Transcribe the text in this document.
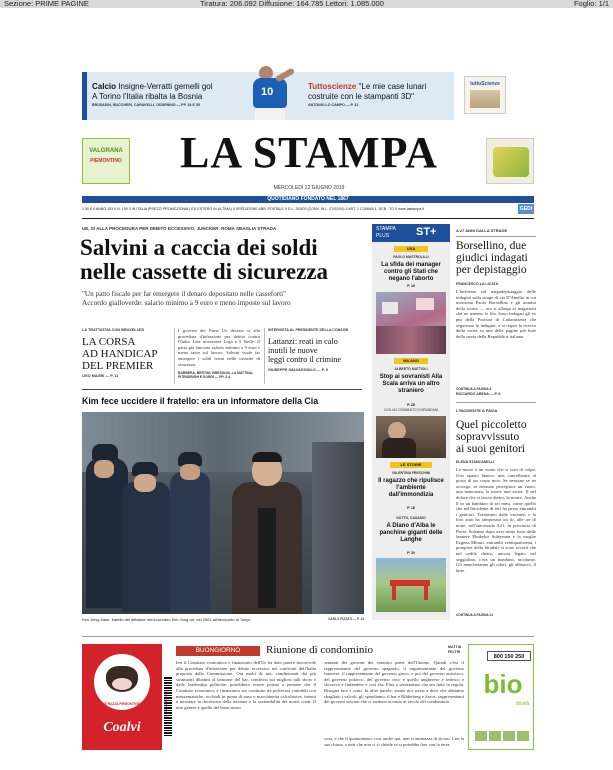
Sezione: PRIME PAGINE	Tiratura: 206.092 Diffusione: 164.785 Lettori: 1.085.000	Foglio: 1/1
Calcio Insigne-Verratti gemelli gol
A Torino l'Italia ribalta la Bosnia
BRUSADIN, BUCCHERI, CARAVELLI, ODDENINO — PP. 34 E 35
10	Tuttoscienze "Le mie case lunari
costruite con le stampanti 3D"
ANTONIO LO CAMPO — P. 31
tuttoScienze
VALGRANA
PIEMONTINO	LA STAMPA
MERCOLEDÌ 12 GIUGNO 2019
QUOTIDIANO FONDATO NEL 1867
1,50 € II ANNO 153 II N. 159 II IN ITALIA (PREZZI PROMOZIONALI ED ESTERO IN ULTIMA) II SPEDIZIONE ABB. POSTALE II D.L. 353/03 (CONV. IN L. 27/02/04) II ART. 1 COMMA 1, DCB - TO II www.lastampa.it	GEDI
UE, SÌ ALLA PROCEDURA PER DEBITO ECCESSIVO. JUNCKER: ROMA SBAGLIA STRADA
Salvini a caccia dei soldi
nelle cassette di sicurezza
"Un patto fiscale per far emergere il denaro depositato nelle casseforti"
Accordo gialloverde: salario minimo a 9 euro e meno imposte sul lavoro
LA TRATTATIVA CON BRUXELLES
LA CORSA
AD HANDICAP
DEL PREMIER
UGO MAGRI — P. 11
I governi dei Paesi Ue decono si alla procedura d'infrazione per debito contro l'Italia. Una trovernera Lega e 5 Stelle. Il patto gia lanciato salario minimo a 9 euro e meno tasse sul lavoro. Salvini vuole far emergere i soldi fermi nelle cassette di sicurezza.
BARBERA, BERTINI, BRESOLIN, LA MATTINA, PITENDRIGH E SORGI — PP. 2-4
INTERVISTA AL PRESIDENTE DELLA CONSOB
Lattanzi: reati in calo
inutili le nuove
leggi contro il crimine
GIUSEPPE SALVAGGIULO — P. 9
Kim fece uccidere il fratello: era un informatore della Cia
Kim Jong–Nam, fratello del dittatore nord-coreano Kim Jong-un, nel 2001 all'aeroporto di Tokyo	CARLO PIZZATI — P. 13
STAMPA
PLUS ST+
USA
PAOLO MASTROLILLI
La sfida dei manager contro gli Stati che negano l'aborto
P. 15
MILANO
ALBERTO MATTIOLI
Stop ai sovranisti Alla Scala arriva un altro straniero
P. 28
CON UN COMMENTO DI BRANDANI
LE STORIE
VALENTINA FRESCHINI
Il ragazzo che ripulisce l'ambiente dall'immondizia
P. 18
DOTTO, CASADIO
A Diano d'Alba le panchine giganti delle Langhe
P. 20
A 27 ANNI DALLA STRAGE
Borsellino, due
giudici indagati
per depistaggio
FRANCESCO LA LICATA
L'inchiesta sul megadepistaggio delle indagini sulla strage di via D'Amelio in cui morirono Paolo Borsellino e gli uomini della scorta — ora si allarga ai magistrati che ne tennero le fila. Sono indagati gli ex pm della Procura di Caltanissetta che seguirono le indagini, e si riapre la ricerca della verità su una delle pagine più buie della storia della Repubblica italiana.
CONTINUA A PAGINA 8
RICCARDO ARENA — P. 8
L'INCIDENTE A PAVIA
Quel piccoletto
sopravvissuto
ai suoi genitori
ELENA STANCANELLI
La morte è un vuoto che si crea di colpo. Uno spazio bianco, una cancellatura al posto di un corpo noto. Se nessuno se ne accorge, se nessuno percepisce un vuoto, una mancanza, la morte non esiste. Il nel dolore che si lascia dietro, la morte. Anche lì in un bambino di sei mesi, come quello che nell'incidente di ieri ha perso entrambi i genitori. Tornavano dalle vacanze, e la loro auto ha tamponato un tir, alle tre di notte, sull'autostrada A21, in provincia di Pavia. Soltanto dopo aver tirato fuori dalle lamiere Ebubekir Suleyman e la moglie Ezgena Mesuri, entrambi ventiquattrenni, i pompieri della Stradale si sono accorti che nel sedile dietro, ancora legato nel seggiolino, c'era un bambino, incolume. Gli mancheranno gli odori, gli abbracci, il latte.
CONTINUA A PAGINA 21
DI RAZZA PIEMONTESE
Coalvi
9 771122 176000
BUONGIORNO	Riunione di condominio	MATTIA
FELTRI
Ieri il Comitato economico e finanziario dell'Ue ha dato parere favorevole alla procedura d'infrazione per debito eccessivo nei confronti dell'Italia proposta dalla Commissione. Ora molti di noi, condizionati dai più strutturati dibattiti al bancone del bar, condivisi sui migliori talk show e dalle leadership politiche, potrebbero essere portati a pensare che il Comitato economico e finanziario sia costituito da polverosi contabili con mezzemaniche, occhiali in punta di naso e macchinetta calcolatrice, intenti a misurare la decrescita della nazione e la sostenibilità dei nostri conti. Il mio genere è quello del buon senso.
sentanti dei governi dei ventotto paesi dell'Unione. Quindi c'era il rappresentante del governo spagnolo, il rappresentante del governo francese, il rappresentante del governo greco, e poi del governo austriaco, del governo polacco, del governo ceco e quello ungherese e tedesco e slovacco e finlandese e così via. Fino a sentenziare che era tutto in regola. Bisogna fare i conti. In altre parole, siamo noi stessi a dirci che abbiamo sbagliato i calcoli, gli spendiamo, il bar e Bilderberg e Soros, rappresentanti dei governi sovrani che ci siedono accanto al tavolo del condominio.
cosa, e che il quantomeno, cosi anche qui, non si ammazza di sicuro. Con la sua chiara, a tutti che non ci si chiede se si potrebbe fare con la terra.
800 150 250
bio
dicelà
